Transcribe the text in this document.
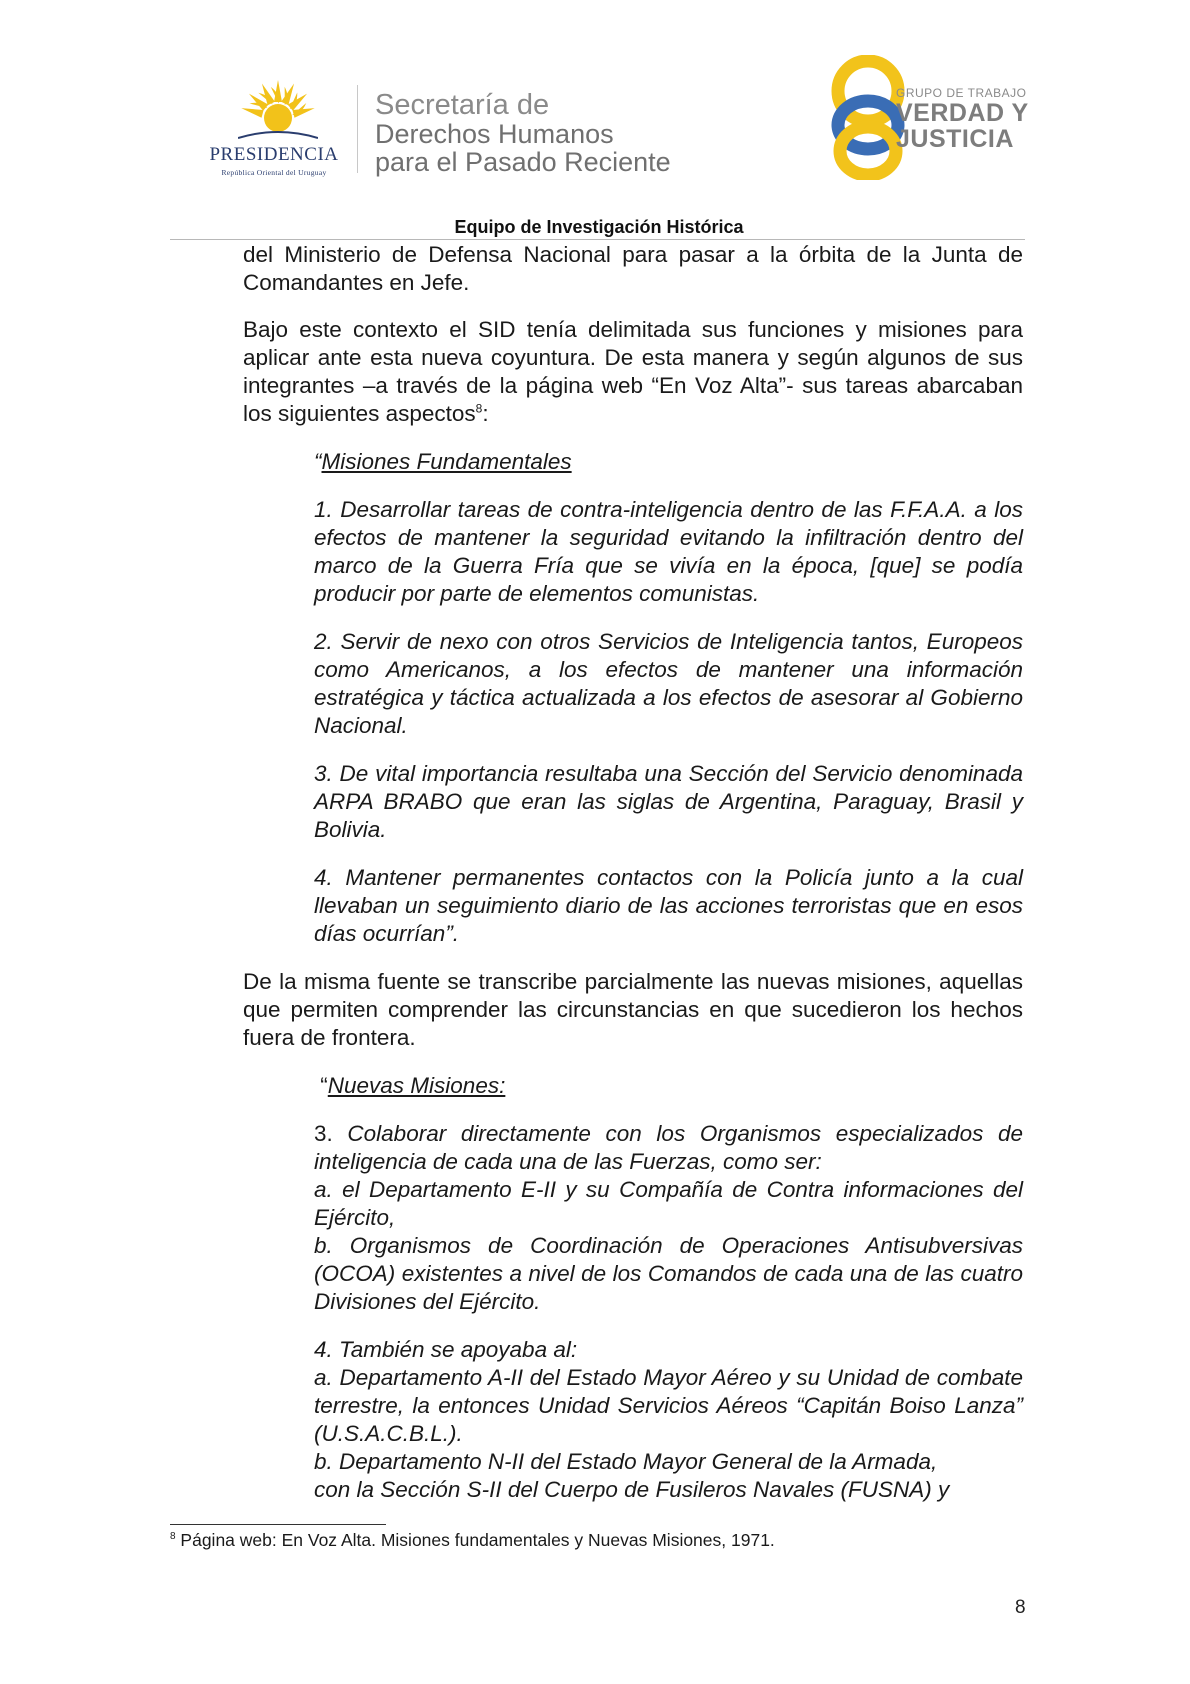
PRESIDENCIA
República Oriental del Uruguay
Secretaría de
Derechos Humanos
para el Pasado Reciente
GRUPO DE TRABAJO
VERDAD Y
JUSTICIA
Equipo de Investigación Histórica

del Ministerio de Defensa Nacional para pasar a la órbita de la Junta de Comandantes en Jefe.

Bajo este contexto el SID tenía delimitada sus funciones y misiones para aplicar ante esta nueva coyuntura. De esta manera y según algunos de sus integrantes –a través de la página web “En Voz Alta”- sus tareas abarcaban los siguientes aspectos$^8$:

“Misiones Fundamentales

1. Desarrollar tareas de contra-inteligencia dentro de las F.F.A.A. a los efectos de mantener la seguridad evitando la infiltración dentro del marco de la Guerra Fría que se vivía en la época, [que] se podía producir por parte de elementos comunistas.

2. Servir de nexo con otros Servicios de Inteligencia tantos, Europeos como Americanos, a los efectos de mantener una información estratégica y táctica actualizada a los efectos de asesorar al Gobierno Nacional.

3. De vital importancia resultaba una Sección del Servicio denominada ARPA BRABO que eran las siglas de Argentina, Paraguay, Brasil y Bolivia.

4. Mantener permanentes contactos con la Policía junto a la cual llevaban un seguimiento diario de las acciones terroristas que en esos días ocurrían”.

De la misma fuente se transcribe parcialmente las nuevas misiones, aquellas que permiten comprender las circunstancias en que sucedieron los hechos fuera de frontera.

“Nuevas Misiones:

3. Colaborar directamente con los Organismos especializados de inteligencia de cada una de las Fuerzas, como ser:
a. el Departamento E-II y su Compañía de Contra informaciones del Ejército,
b. Organismos de Coordinación de Operaciones Antisubversivas (OCOA) existentes a nivel de los Comandos de cada una de las cuatro Divisiones del Ejército.
4. También se apoyaba al:
a. Departamento A-II del Estado Mayor Aéreo y su Unidad de combate terrestre, la entonces Unidad Servicios Aéreos “Capitán Boiso Lanza” (U.S.A.C.B.L.).
b. Departamento N-II del Estado Mayor General de la Armada,
con la Sección S-II del Cuerpo de Fusileros Navales (FUSNA) y
$^8$ Página web: En Voz Alta. Misiones fundamentales y Nuevas Misiones, 1971.
8
